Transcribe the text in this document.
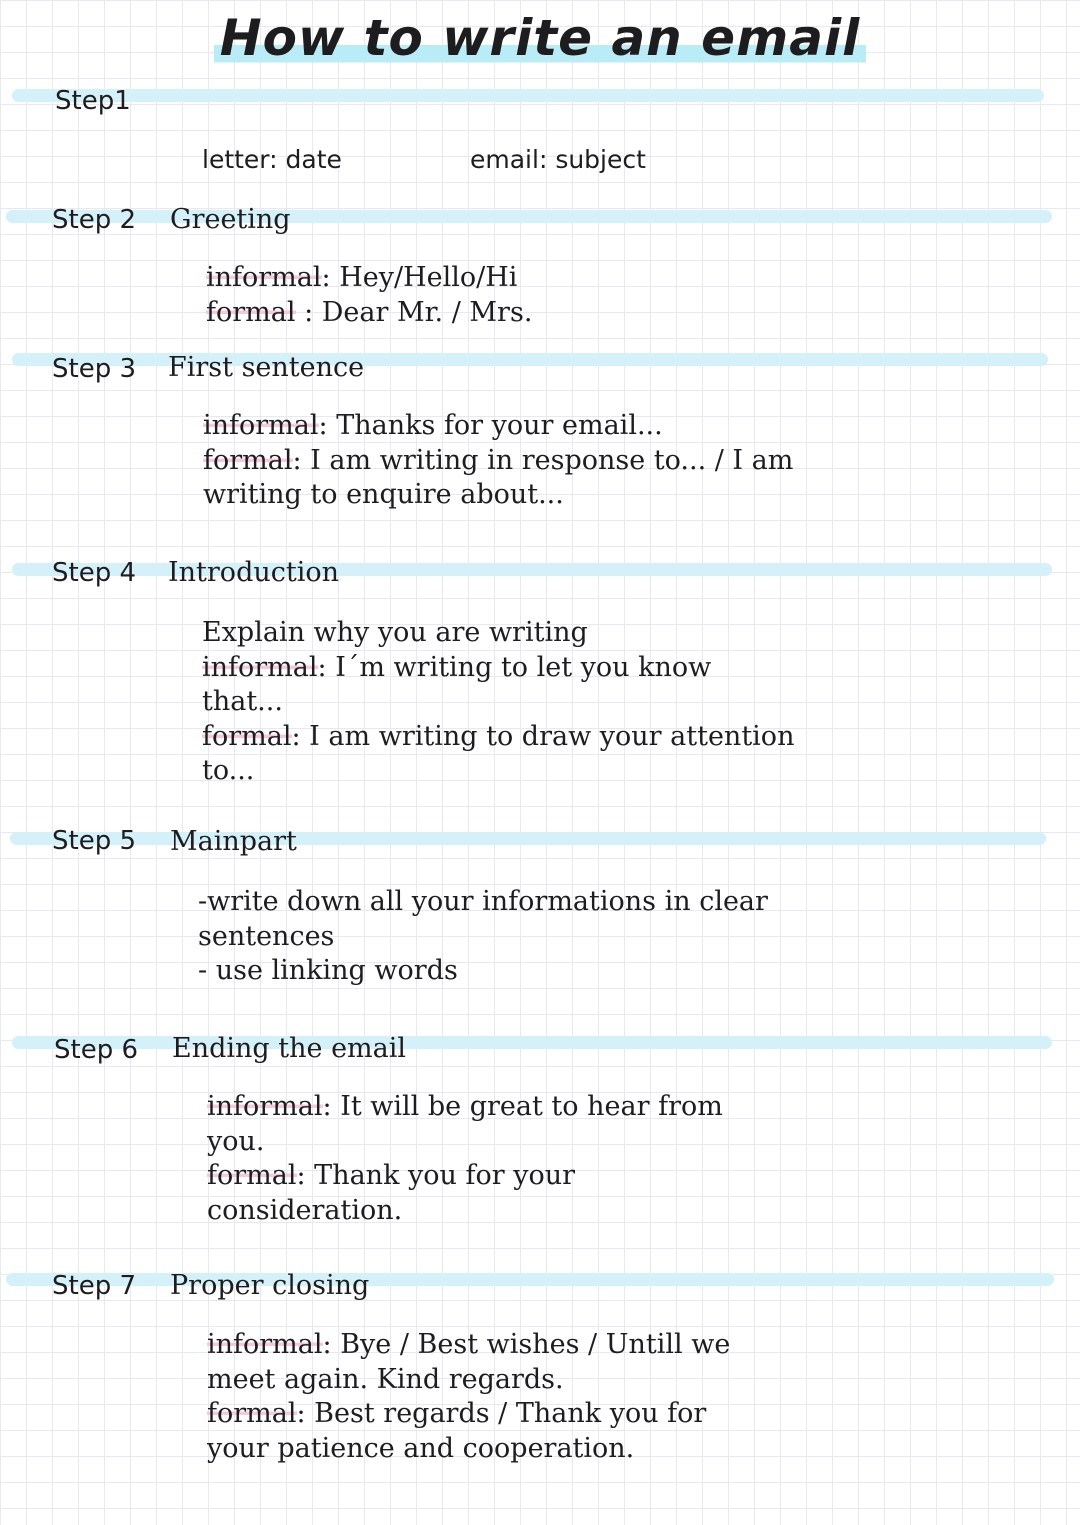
How to write an email
Step1
letter: date	email: subject
Step 2 Greeting
informal: Hey/Hello/Hi
formal : Dear Mr. / Mrs.
Step 3 First sentence
informal: Thanks for your email...
formal: I am writing in response to... / I am
writing to enquire about...
Step 4 Introduction
Explain why you are writing
informal: I´m writing to let you know
that...
formal: I am writing to draw your attention
to...
Step 5 Mainpart
-write down all your informations in clear
sentences
- use linking words
Step 6 Ending the email
informal: It will be great to hear from
you.
formal: Thank you for your
consideration.
Step 7 Proper closing
informal: Bye / Best wishes / Untill we
meet again. Kind regards.
formal: Best regards / Thank you for
your patience and cooperation.
